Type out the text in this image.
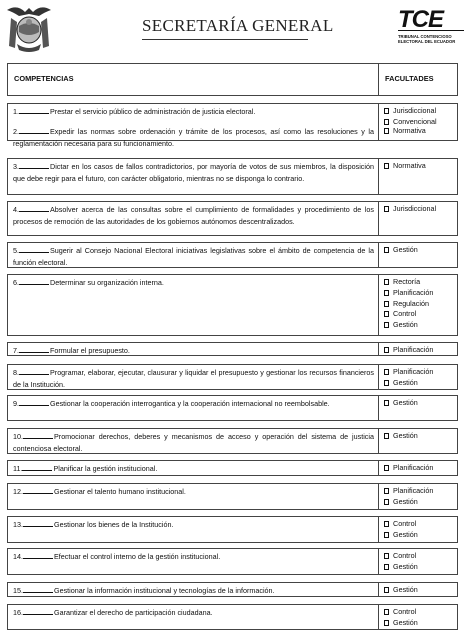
SECRETARÍA GENERAL	TCE
TRIBUNAL CONTENCIOSO
ELECTORAL DEL ECUADOR
COMPETENCIAS	FACULTADES
1.	Prestar el servicio público de administración de justicia electoral.	Jurisdiccional
Convencional
2.	Expedir las normas sobre ordenación y trámite de los procesos, así como las resoluciones y la reglamentación necesaria para su funcionamiento.
Normativa
3.	Dictar en los casos de fallos contradictorios, por mayoría de votos de sus miembros, la disposición que debe regir para el futuro, con carácter obligatorio, mientras no se disponga lo contrario.
Normativa
4.	Absolver acerca de las consultas sobre el cumplimiento de formalidades y procedimiento de los procesos de remoción de las autoridades de los gobiernos autónomos descentralizados.
Jurisdiccional
5.	Sugerir al Consejo Nacional Electoral iniciativas legislativas sobre el ámbito de competencia de la función electoral.
Gestión
6.	Determinar su organización interna.	Rectoría
Planificación
Regulación
Control
Gestión
7.	Formular el presupuesto.	Planificación
8.	Programar, elaborar, ejecutar, clausurar y liquidar el presupuesto y gestionar los recursos financieros de la Institución.
Planificación
Gestión
9.	Gestionar la cooperación interrogantica y la cooperación internacional no reembolsable.	Gestión
10.	Promocionar derechos, deberes y mecanismos de acceso y operación del sistema de justicia contenciosa electoral.
Gestión
11.	Planificar la gestión institucional.	Planificación
12.	Gestionar el talento humano institucional.	Planificación
Gestión
13.	Gestionar los bienes de la Institución.	Control
Gestión
14.	Efectuar el control interno de la gestión institucional.	Control
Gestión
15.	Gestionar la información institucional y tecnologías de la información.	Gestión
16.	Garantizar el derecho de participación ciudadana.	Control
Gestión
